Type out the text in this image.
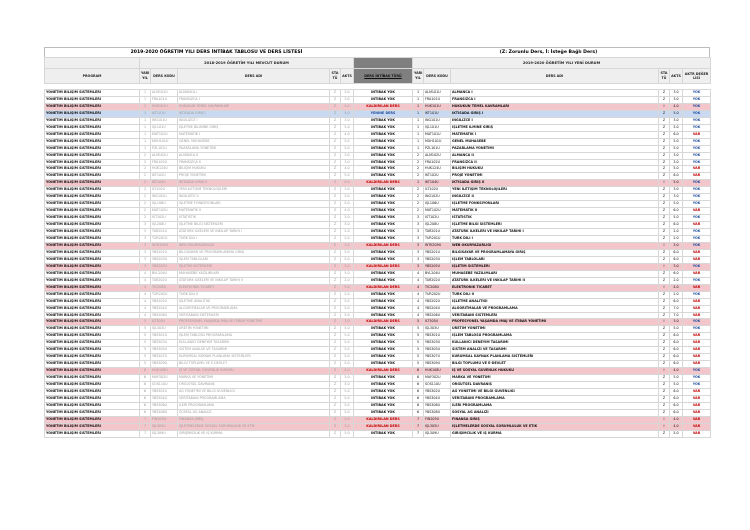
2019-2020 ÖĞRETİM YILI DERS İNTİBAK TABLOSU VE DERS LİSTESİ	(Z: Zorunlu Ders, İ: İsteğe Bağlı Ders)
	2018-2019 ÖĞRETİM YILI MEVCUT DURUM						2019-2020 ÖĞRETİM YILI YENİ DURUM					
PROGRAM	YARI YIL	DERS KODU	DERS ADI	STA TÜ	AKTS	DERS İNTİBAK TÜRÜ	YARI YIL	DERS KODU	DERS ADI	STA TÜ	AKTS	AKTR DEĞER LİSİ

YÖNETİM BİLİŞİM SİSTEMLERİ	1	ALM101U	ALMANCA I	Z	3.0	İNTİBAK YOK	1	ALM101U	ALMANCA I	Z	3.0	YOK
YÖNETİM BİLİŞİM SİSTEMLERİ	1	FRA101U	FRANSIZCA I	Z	3.0	İNTİBAK YOK	1	FRA101U	FRANSIZCA I	Z	3.0	YOK
YÖNETİM BİLİŞİM SİSTEMLERİ	1	HUK101U	HUKUKUN TEMEL KAVRAMLARI	Z	4.0	KALDIRILAN DERS	1	HUK101U	HUKUKUN TEMEL KAVRAMLARI	İ	4.0	YOK
YÖNETİM BİLİŞİM SİSTEMLERİ	1	İKT101U	İKTİSADA GİRİŞ I	Z	5.0	YENİNE DERS	1	İKT101U	İKTİSADA GİRİŞ I	Z	5.0	YOK
YÖNETİM BİLİŞİM SİSTEMLERİ	1	İNG101U	İNGİLİZCE I	Z	3.0	İNTİBAK YOK	1	İNG101U	İNGİLİZCE I	Z	3.0	YOK
YÖNETİM BİLİŞİM SİSTEMLERİ	1	İŞL101U	İŞLETME BİLİMİNE GİRİŞ	Z	5.0	İNTİBAK YOK	1	İŞL101U	İŞLETME İLMİNE GİRİŞ	Z	5.0	YOK
YÖNETİM BİLİŞİM SİSTEMLERİ	1	MAT101U	MATEMATİK I	Z	4.0	İNTİBAK YOK	1	MAT101U	MATEMATİK I	Z	6.0	VAR
YÖNETİM BİLİŞİM SİSTEMLERİ	1	MUH101U	GENEL MUHASEBE	Z	5.0	İNTİBAK YOK	1	MUH101U	GENEL MUHASEBE	Z	5.0	YOK
YÖNETİM BİLİŞİM SİSTEMLERİ	1	PZL101U	PAZARLAMA YÖNETİMİ	Z	5.0	İNTİBAK YOK	1	PZL101U	PAZARLAMA YÖNETİMİ	Z	5.0	YOK
YÖNETİM BİLİŞİM SİSTEMLERİ	2	ALM102U	ALMANCA II	Z	3.0	İNTİBAK YOK	2	ALM102U	ALMANCA II	Z	3.0	YOK
YÖNETİM BİLİŞİM SİSTEMLERİ	2	FRA102U	FRANSIZCA II	Z	3.0	İNTİBAK YOK	2	FRA102U	FRANSIZCA II	Z	3.0	YOK
YÖNETİM BİLİŞİM SİSTEMLERİ	2	HUK124U	BİLİŞİM HUKUKU	Z	4.0	İNTİBAK YOK	2	HUK124U	BİLİŞİM HUKUKU	Z	5.0	VAR
YÖNETİM BİLİŞİM SİSTEMLERİ	2	İKT102U	PROJE YÖNETİMİ	Z	5.0	İNTİBAK YOK	2	İKT102U	PROJE YÖNETİMİ	Z	6.0	VAR
YÖNETİM BİLİŞİM SİSTEMLERİ	2	İKT104U	İKTİSADA GİRİŞ II	Z	5.0	KALDIRILAN DERS	1	İKT104U	İKTİSADA GİRİŞ II	İ	5.0	YOK
YÖNETİM BİLİŞİM SİSTEMLERİ	2	İLT102U	YENİ İLETİŞİM TEKNOLOJİLERİ	Z	3.0	İNTİBAK YOK	2	İLT102U	YENİ İLETİŞİM TEKNOLOJİLERİ	Z	3.0	YOK
YÖNETİM BİLİŞİM SİSTEMLERİ	2	İNG102U	İNGİLİZCE II	Z	3.0	İNTİBAK YOK	2	İNG102U	İNGİLİZCE II	Z	3.0	YOK
YÖNETİM BİLİŞİM SİSTEMLERİ	2	İŞL106U	İŞLETME FONKSİYONLARI	Z	5.0	İNTİBAK YOK	2	İŞL106U	İŞLETME FONKSİYONLARI	Z	5.0	YOK
YÖNETİM BİLİŞİM SİSTEMLERİ	2	MAT102U	MATEMATİK II	Z	4.0	İNTİBAK YOK	2	MAT102U	MATEMATİK II	Z	6.0	VAR
YÖNETİM BİLİŞİM SİSTEMLERİ	2	İST102U	İSTATİSTİK	Z	5.0	İNTİBAK YOK	3	İST102U	İSTATİSTİK	Z	5.0	YOK
YÖNETİM BİLİŞİM SİSTEMLERİ	3	İŞL208U	İŞLETME BİLGİ SİSTEMLERİ	Z	5.0	İNTİBAK YOK	3	İŞL208U	İŞLETME BİLGİ SİSTEMLERİ	Z	6.0	VAR
YÖNETİM BİLİŞİM SİSTEMLERİ	3	TAR201U	ATATÜRK İLKELERİ VE İNKILAP TARİHİ I	Z	2.0	İNTİBAK YOK	3	TAR201U	ATATÜRK İLKELERİ VE İNKILAP TARİHİ I	Z	2.0	YOK
YÖNETİM BİLİŞİM SİSTEMLERİ	3	TÜR201U	TÜRK DİLİ I	Z	2.0	İNTİBAK YOK	3	TÜR201U	TÜRK DİLİ I	Z	2.0	YOK
YÖNETİM BİLİŞİM SİSTEMLERİ	3	WTK209U	WEB OKURYAZARLIĞI	Z	3.0	KALDIRILAN DERS	3	WTK209U	WEB OKURYAZARLIĞI	İ	3.0	YOK
YÖNETİM BİLİŞİM SİSTEMLERİ	3	YBS201U	BİLGİSAYAR VE PROGRAMLAMAYA GİRİŞ	Z	5.0	İNTİBAK YOK	3	YBS201U	BİLGİSAYAR VE PROGRAMLAMAYA GİRİŞ	Z	6.0	VAR
YÖNETİM BİLİŞİM SİSTEMLERİ	3	YBS203U	İŞLEM TABLOLARI	Z	5.0	İNTİBAK YOK	3	YBS203U	İŞLEM TABLOLARI	Z	6.0	VAR
YÖNETİM BİLİŞİM SİSTEMLERİ	3	YBS205U	İŞLETİM SİSTEMLERİ	Z	3.0	KALDIRILAN DERS	3	YBS205U	İŞLETİM SİSTEMLERİ	İ	3.0	YOK
YÖNETİM BİLİŞİM SİSTEMLERİ	4	BVL204U	MUHASEBE YAZILIMLARI	Z	5.0	İNTİBAK YOK	4	BVL204U	MUHASEBE YAZILIMLARI	Z	6.0	VAR
YÖNETİM BİLİŞİM SİSTEMLERİ	4	TAR202U	ATATÜRK İLKELERİ VE İNKILAP TARİHİ II	Z	2.0	İNTİBAK YOK	4	TAR202U	ATATÜRK İLKELERİ VE İNKILAP TARİHİ II	Z	2.0	YOK
YÖNETİM BİLİŞİM SİSTEMLERİ	4	TİC208U	ELEKTRONİK TİCARET	Z	3.0	KALDIRILAN DERS	4	TİC208U	ELEKTRONİK TİCARET	İ	4.0	VAR
YÖNETİM BİLİŞİM SİSTEMLERİ	4	TÜR202U	TÜRK DİLİ II	Z	2.0	İNTİBAK YOK	4	TÜR202U	TÜRK DİLİ II	Z	2.0	YOK
YÖNETİM BİLİŞİM SİSTEMLERİ	4	YBS202U	İŞLETME ANALİTİĞİ	Z	5.0	İNTİBAK YOK	4	YBS202U	İŞLETME ANALİTİĞİ	Z	6.0	VAR
YÖNETİM BİLİŞİM SİSTEMLERİ	4	YBS204U	ALGORİTMALAR VE PROGRAMLAMA	Z	5.0	İNTİBAK YOK	4	YBS204U	ALGORİTMALAR VE PROGRAMLAMA	Z	7.0	VAR
YÖNETİM BİLİŞİM SİSTEMLERİ	4	YBS206U	VERİTABANI SİSTEMLERİ	Z	5.0	İNTİBAK YOK	4	YBS206U	VERİTABANI SİSTEMLERİ	Z	7.0	VAR
YÖNETİM BİLİŞİM SİSTEMLERİ	5	İLT305U	PROFESYONEL YAŞAMDA İMAJ VE İTİBAR YÖNETİMİ	Z	3.0	KALDIRILAN DERS	5	İLT305U	PROFESYONEL YAŞAMDA İMAJ VE İTİBAR YÖNETİMİ	İ	3.0	YOK
YÖNETİM BİLİŞİM SİSTEMLERİ	5	İŞL303U	ÜRETİM YÖNETİMİ	Z	5.0	İNTİBAK YOK	5	İŞL303U	ÜRETİM YÖNETİMİ	Z	5.0	YOK
YÖNETİM BİLİŞİM SİSTEMLERİ	5	YBS301U	İŞLEM TABLOSU PROGRAMLAMA	Z	5.0	İNTİBAK YOK	5	YBS301U	İŞLEM TABLOSU PROGRAMLAMA	Z	6.0	VAR
YÖNETİM BİLİŞİM SİSTEMLERİ	5	YBS303U	KULLANICI DENEYİM TASARIMI	Z	5.0	İNTİBAK YOK	5	YBS303U	KULLANICI DENEYİM TASARIMI	Z	6.0	VAR
YÖNETİM BİLİŞİM SİSTEMLERİ	5	YBS305U	SİSTEM ANALİZİ VE TASARIMI	Z	5.0	İNTİBAK YOK	5	YBS305U	SİSTEM ANALİZİ VE TASARIMI	Z	6.0	VAR
YÖNETİM BİLİŞİM SİSTEMLERİ	5	YBS307U	KURUMSAL KAYNAK PLANLAMA SİSTEMLERİ	Z	5.0	İNTİBAK YOK	5	YBS307U	KURUMSAL KAYNAK PLANLAMA SİSTEMLERİ	Z	6.0	VAR
YÖNETİM BİLİŞİM SİSTEMLERİ	5	YBS309U	BİLGİ TOPLUMU VE E-DEVLET	Z	5.0	İNTİBAK YOK	5	YBS309U	BİLGİ TOPLUMU VE E-DEVLET	Z	6.0	VAR
YÖNETİM BİLİŞİM SİSTEMLERİ	6	HUK108U	İŞ VE SOSYAL GÜVENLİK HUKUKU	Z	4.0	KALDIRILAN DERS	6	HUK108U	İŞ VE SOSYAL GÜVENLİK HUKUKU	İ	4.0	YOK
YÖNETİM BİLİŞİM SİSTEMLERİ	6	MAY302U	MARKA VE YÖNETİMİ	Z	5.0	İNTİBAK YOK	6	MAY302U	MARKA VE YÖNETİMİ	Z	5.0	YOK
YÖNETİM BİLİŞİM SİSTEMLERİ	6	SOS110U	ÖRGÜTSEL DAVRANIŞ	Z	5.0	İNTİBAK YOK	6	SOS110U	ÖRGÜTSEL DAVRANIŞ	Z	5.0	YOK
YÖNETİM BİLİŞİM SİSTEMLERİ	6	YBS302U	AĞ YÖNETİMİ VE BİLGİ GÜVENLİĞİ	Z	5.0	İNTİBAK YOK	6	YBS302U	AĞ YÖNETİMİ VE BİLGİ GÜVENLİĞİ	Z	6.0	VAR
YÖNETİM BİLİŞİM SİSTEMLERİ	6	YBS304U	VERİTABANI PROGRAMLAMA	Z	5.0	İNTİBAK YOK	6	YBS304U	VERİTABANI PROGRAMLAMA	Z	6.0	VAR
YÖNETİM BİLİŞİM SİSTEMLERİ	6	YBS306U	İLERİ PROGRAMLAMA	Z	5.0	İNTİBAK YOK	6	YBS306U	İLERİ PROGRAMLAMA	Z	6.0	VAR
YÖNETİM BİLİŞİM SİSTEMLERİ	6	YBS308U	SOSYAL AĞ ANALİZİ	Z	5.0	İNTİBAK YOK	6	YBS308U	SOSYAL AĞ ANALİZİ	Z	6.0	VAR
YÖNETİM BİLİŞİM SİSTEMLERİ	7	FİN203U	FİNANSA GİRİŞ	Z	5.0	KALDIRILAN DERS	7	FİN203U	FİNANSA GİRİŞ	İ	4.0	VAR
YÖNETİM BİLİŞİM SİSTEMLERİ	7	İŞL305U	İŞLETMELERDE SOSYAL SORUMLULUK VE ETİK	Z	3.0	KALDIRILAN DERS	7	İŞL305U	İŞLETMELERDE SOSYAL SORUMLULUK VE ETİK	İ	4.0	VAR
YÖNETİM BİLİŞİM SİSTEMLERİ	7	İŞL309U	GİRİŞİMCİLİK VE İŞ KURMA	Z	5.0	İNTİBAK YOK	7	İŞL309U	GİRİŞİMCİLİK VE İŞ KURMA	Z	5.0	VAR
